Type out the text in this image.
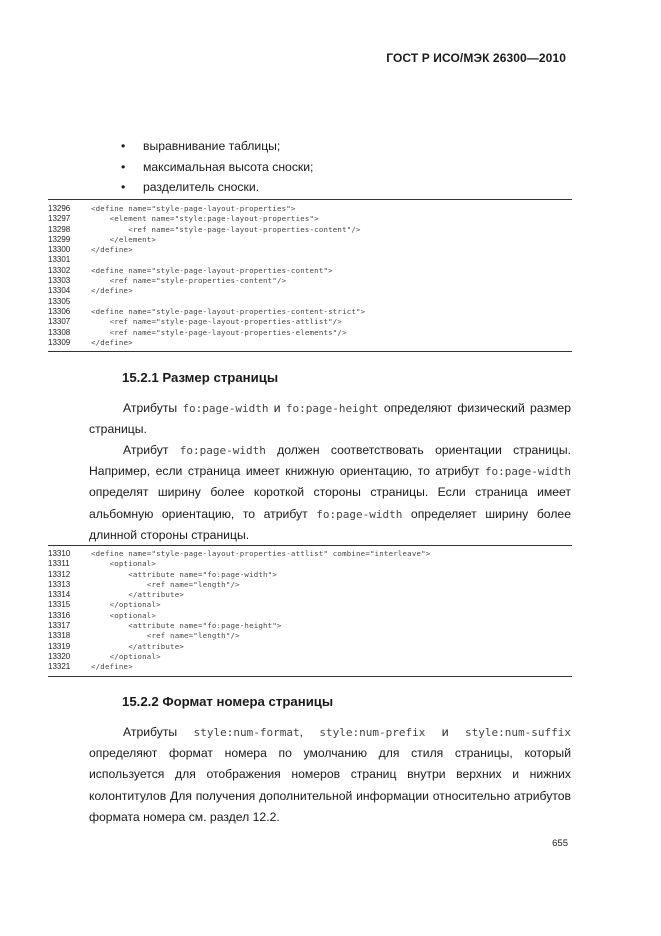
ГОСТ Р ИСО/МЭК 26300—2010
• выравнивание таблицы;
• максимальная высота сноски;
• разделитель сноски.
13296	<define name="style-page-layout-properties">
13297	<element name="style:page-layout-properties">
13298	<ref name="style-page-layout-properties-content"/>
13299	</element>
13300	</define>
13301
13302	<define name="style-page-layout-properties-content">
13303	<ref name="style-properties-content"/>
13304	</define>
13305
13306	<define name="style-page-layout-properties-content-strict">
13307	<ref name="style-page-layout-properties-attlist"/>
13308	<ref name="style-page-layout-properties-elements"/>
13309	</define>
15.2.1 Размер страницы

Атрибуты fo:page-width и fo:page-height определяют физический размер страницы.

Атрибут fo:page-width должен соответствовать ориентации страницы. Например, если страница имеет книжную ориентацию, то атрибут fo:page-width определят ширину более короткой стороны страницы. Если страница имеет альбомную ориентацию, то атрибут fo:page-width определяет ширину более длинной стороны страницы.

13310	<define name="style-page-layout-properties-attlist" combine="interleave">
13311	<optional>
13312	<attribute name="fo:page-width">
13313	<ref name="length"/>
13314	</attribute>
13315	</optional>
13316	<optional>
13317	<attribute name="fo:page-height">
13318	<ref name="length"/>
13319	</attribute>
13320	</optional>
13321	</define>
15.2.2 Формат номера страницы

Атрибуты style:num-format, style:num-prefix и style:num-suffix определяют формат номера по умолчанию для стиля страницы, который используется для отображения номеров страниц внутри верхних и нижних колонтитулов Для получения дополнительной информации относительно атрибутов формата номера см. раздел 12.2.

655
